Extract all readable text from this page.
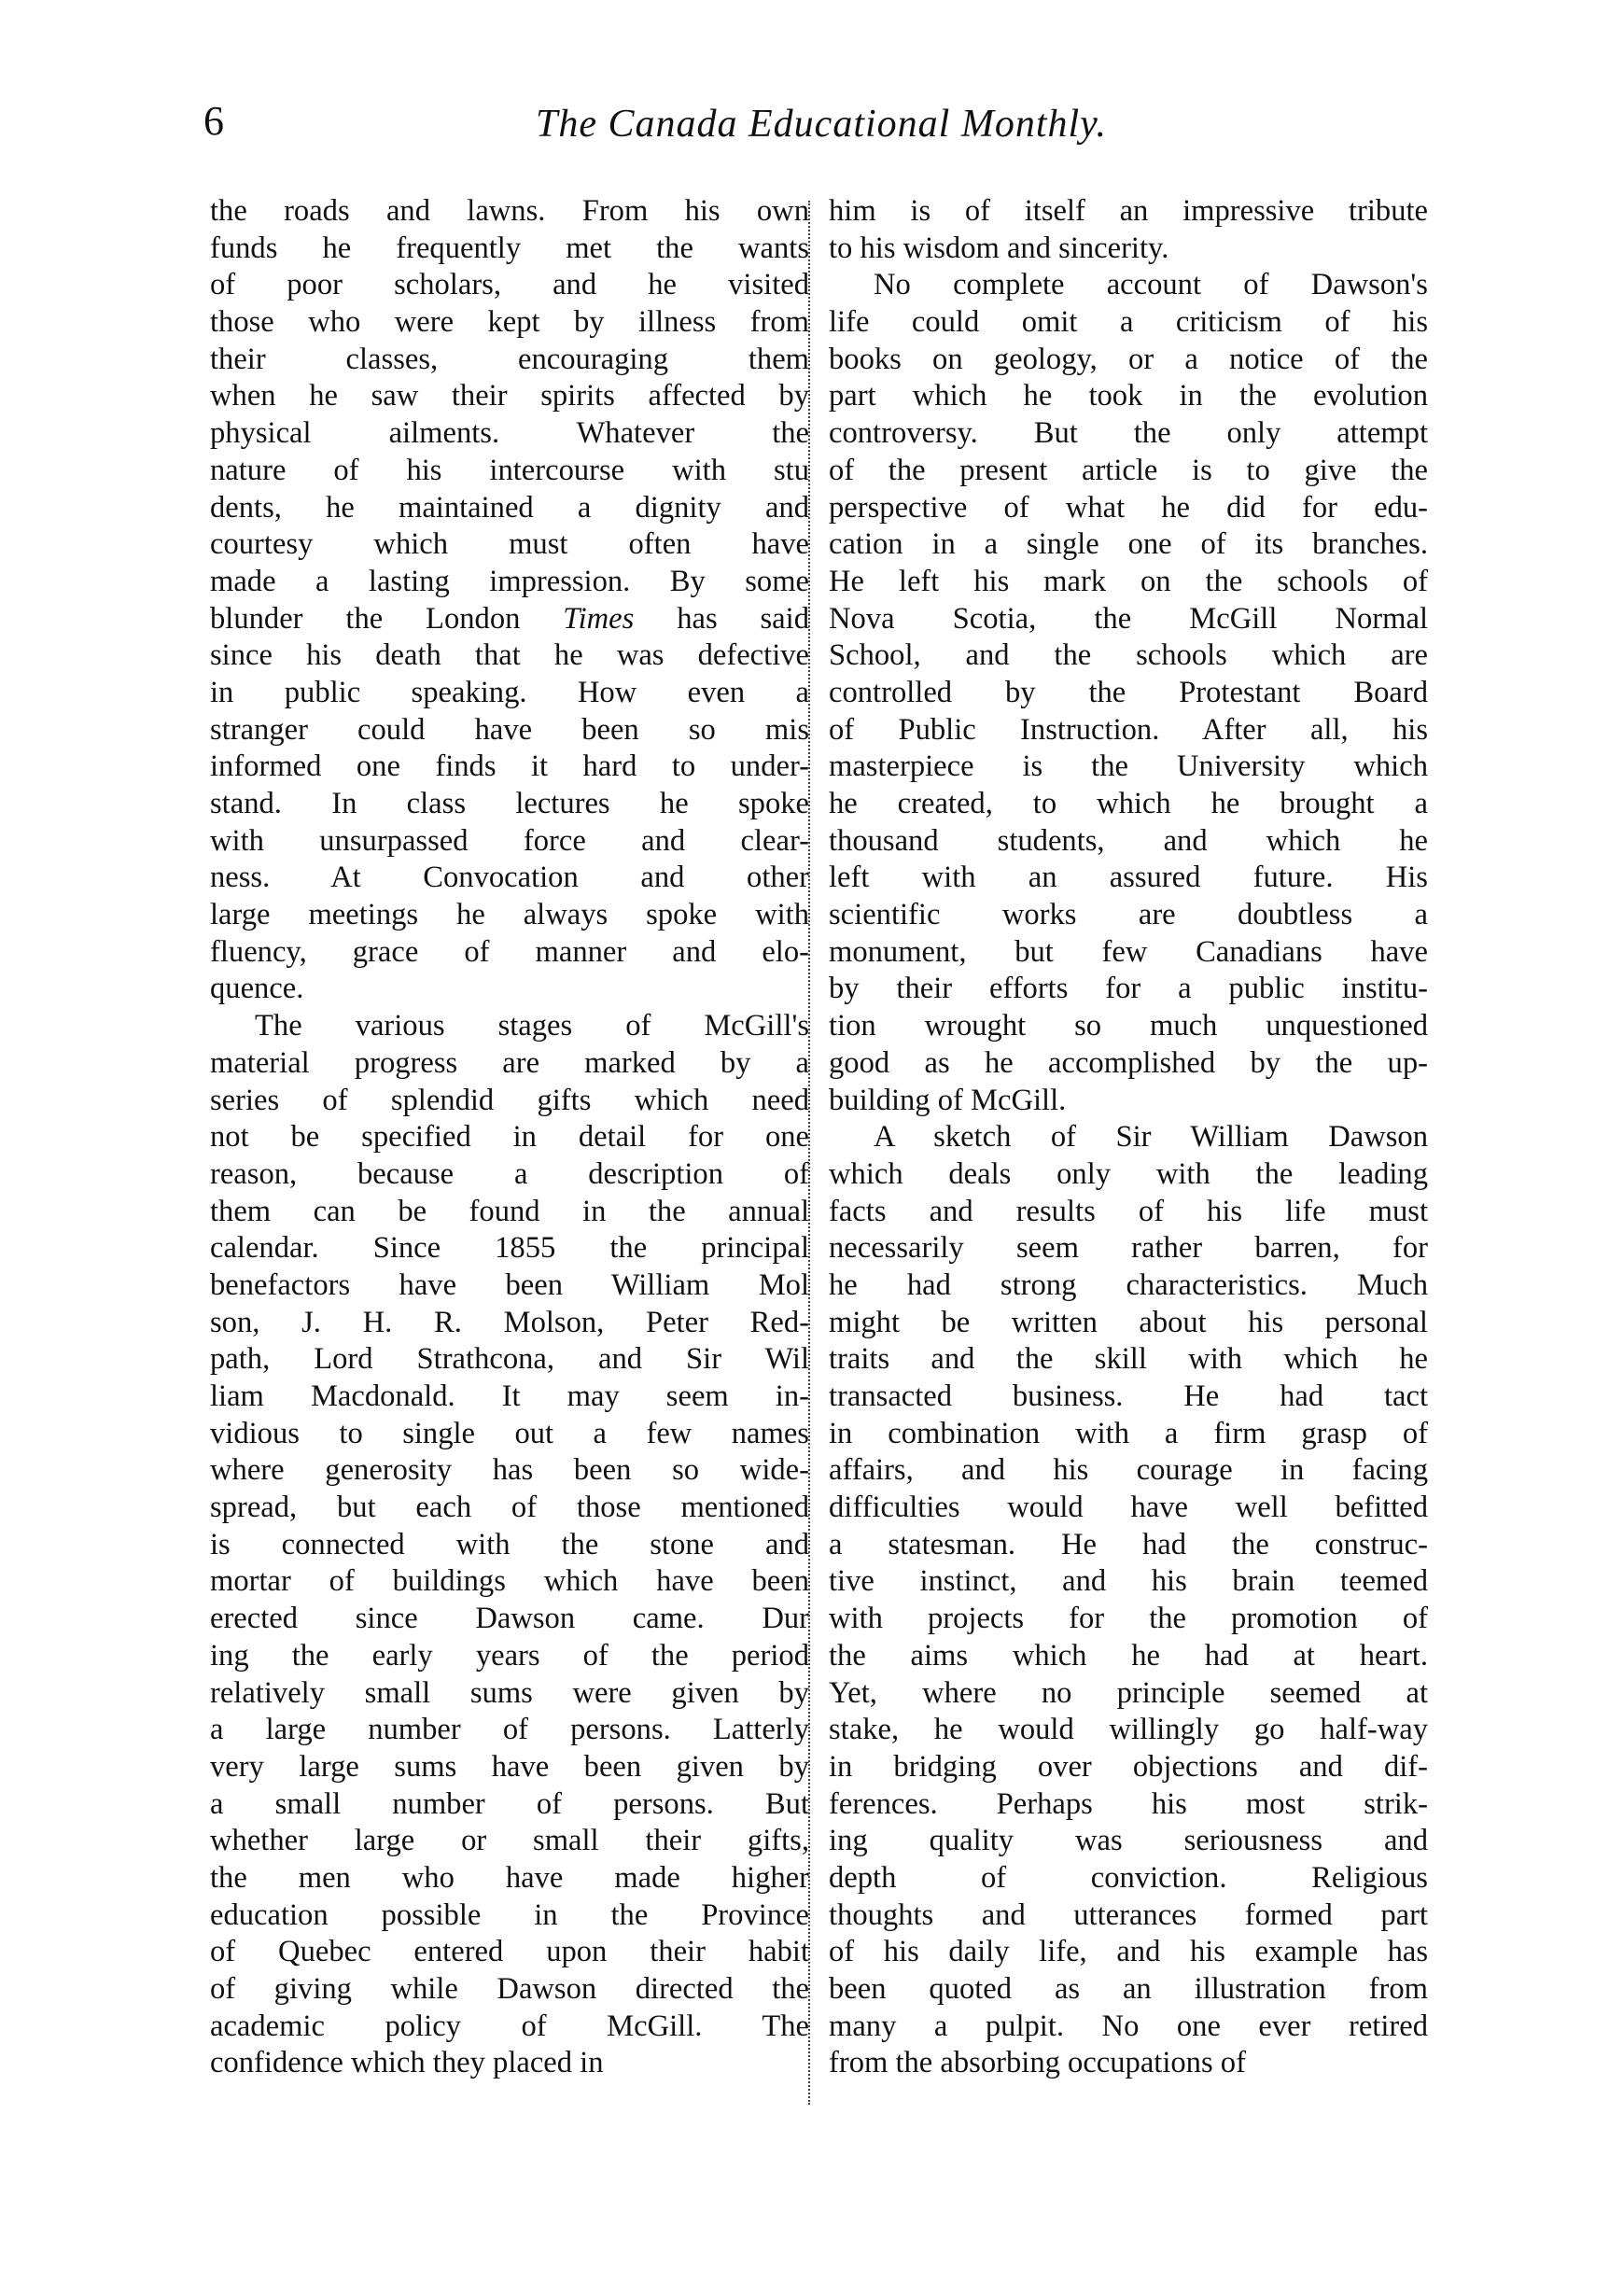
6	The Canada Educational Monthly.
the roads and lawns. From his own
funds he frequently met the wants
of poor scholars, and he visited
those who were kept by illness from
their classes, encouraging them
when he saw their spirits affected by
physical ailments. Whatever the
nature of his intercourse with stu
dents, he maintained a dignity and
courtesy which must often have
made a lasting impression. By some
blunder the London Times has said
since his death that he was defective
in public speaking. How even a
stranger could have been so mis
informed one finds it hard to under-
stand. In class lectures he spoke
with unsurpassed force and clear-
ness. At Convocation and other
large meetings he always spoke with
fluency, grace of manner and elo-
quence.
The various stages of McGill's
material progress are marked by a
series of splendid gifts which need
not be specified in detail for one
reason, because a description of
them can be found in the annual
calendar. Since 1855 the principal
benefactors have been William Mol
son, J. H. R. Molson, Peter Red-
path, Lord Strathcona, and Sir Wil
liam Macdonald. It may seem in-
vidious to single out a few names
where generosity has been so wide-
spread, but each of those mentioned
is connected with the stone and
mortar of buildings which have been
erected since Dawson came. Dur
ing the early years of the period
relatively small sums were given by
a large number of persons. Latterly
very large sums have been given by
a small number of persons. But
whether large or small their gifts,
the men who have made higher
education possible in the Province
of Quebec entered upon their habit
of giving while Dawson directed the
academic policy of McGill. The
confidence which they placed in
him is of itself an impressive tribute
to his wisdom and sincerity.
No complete account of Dawson's
life could omit a criticism of his
books on geology, or a notice of the
part which he took in the evolution
controversy. But the only attempt
of the present article is to give the
perspective of what he did for edu-
cation in a single one of its branches.
He left his mark on the schools of
Nova Scotia, the McGill Normal
School, and the schools which are
controlled by the Protestant Board
of Public Instruction. After all, his
masterpiece is the University which
he created, to which he brought a
thousand students, and which he
left with an assured future. His
scientific works are doubtless a
monument, but few Canadians have
by their efforts for a public institu-
tion wrought so much unquestioned
good as he accomplished by the up-
building of McGill.
A sketch of Sir William Dawson
which deals only with the leading
facts and results of his life must
necessarily seem rather barren, for
he had strong characteristics. Much
might be written about his personal
traits and the skill with which he
transacted business. He had tact
in combination with a firm grasp of
affairs, and his courage in facing
difficulties would have well befitted
a statesman. He had the construc-
tive instinct, and his brain teemed
with projects for the promotion of
the aims which he had at heart.
Yet, where no principle seemed at
stake, he would willingly go half-way
in bridging over objections and dif-
ferences. Perhaps his most strik-
ing quality was seriousness and
depth of conviction. Religious
thoughts and utterances formed part
of his daily life, and his example has
been quoted as an illustration from
many a pulpit. No one ever retired
from the absorbing occupations of
